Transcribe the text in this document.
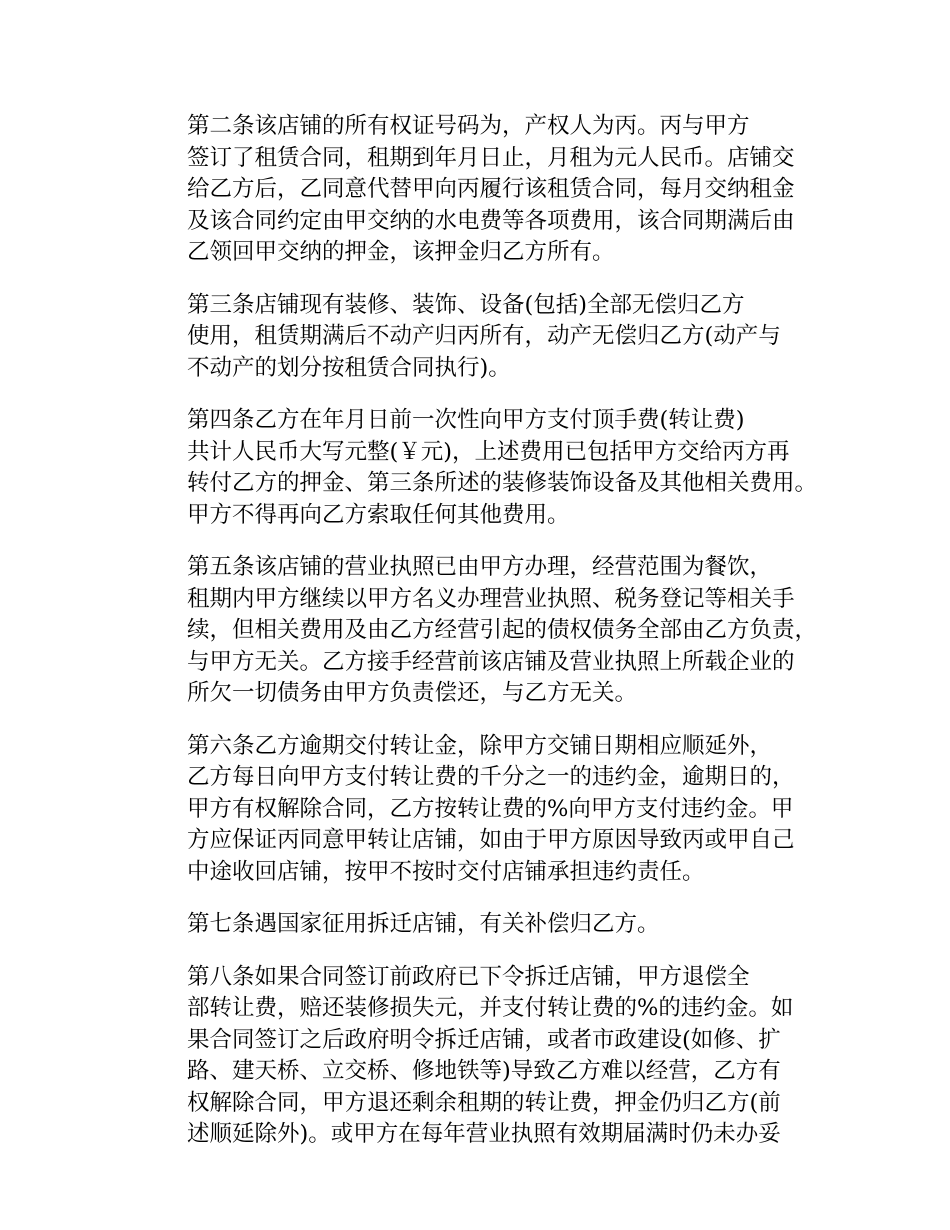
第二条该店铺的所有权证号码为，产权人为丙。丙与甲方
签订了租赁合同，租期到年月日止，月租为元人民币。店铺交
给乙方后，乙同意代替甲向丙履行该租赁合同，每月交纳租金
及该合同约定由甲交纳的水电费等各项费用，该合同期满后由
乙领回甲交纳的押金，该押金归乙方所有。

第三条店铺现有装修、装饰、设备(包括)全部无偿归乙方
使用，租赁期满后不动产归丙所有，动产无偿归乙方(动产与
不动产的划分按租赁合同执行)。

第四条乙方在年月日前一次性向甲方支付顶手费(转让费)
共计人民币大写元整(￥元)，上述费用已包括甲方交给丙方再
转付乙方的押金、第三条所述的装修装饰设备及其他相关费用。
甲方不得再向乙方索取任何其他费用。

第五条该店铺的营业执照已由甲方办理，经营范围为餐饮，
租期内甲方继续以甲方名义办理营业执照、税务登记等相关手
续，但相关费用及由乙方经营引起的债权债务全部由乙方负责，
与甲方无关。乙方接手经营前该店铺及营业执照上所载企业的
所欠一切债务由甲方负责偿还，与乙方无关。

第六条乙方逾期交付转让金，除甲方交铺日期相应顺延外，
乙方每日向甲方支付转让费的千分之一的违约金，逾期日的，
甲方有权解除合同，乙方按转让费的%向甲方支付违约金。甲
方应保证丙同意甲转让店铺，如由于甲方原因导致丙或甲自己
中途收回店铺，按甲不按时交付店铺承担违约责任。

第七条遇国家征用拆迁店铺，有关补偿归乙方。

第八条如果合同签订前政府已下令拆迁店铺，甲方退偿全
部转让费，赔还装修损失元，并支付转让费的%的违约金。如
果合同签订之后政府明令拆迁店铺，或者市政建设(如修、扩
路、建天桥、立交桥、修地铁等)导致乙方难以经营，乙方有
权解除合同，甲方退还剩余租期的转让费，押金仍归乙方(前
述顺延除外)。或甲方在每年营业执照有效期届满时仍未办妥
